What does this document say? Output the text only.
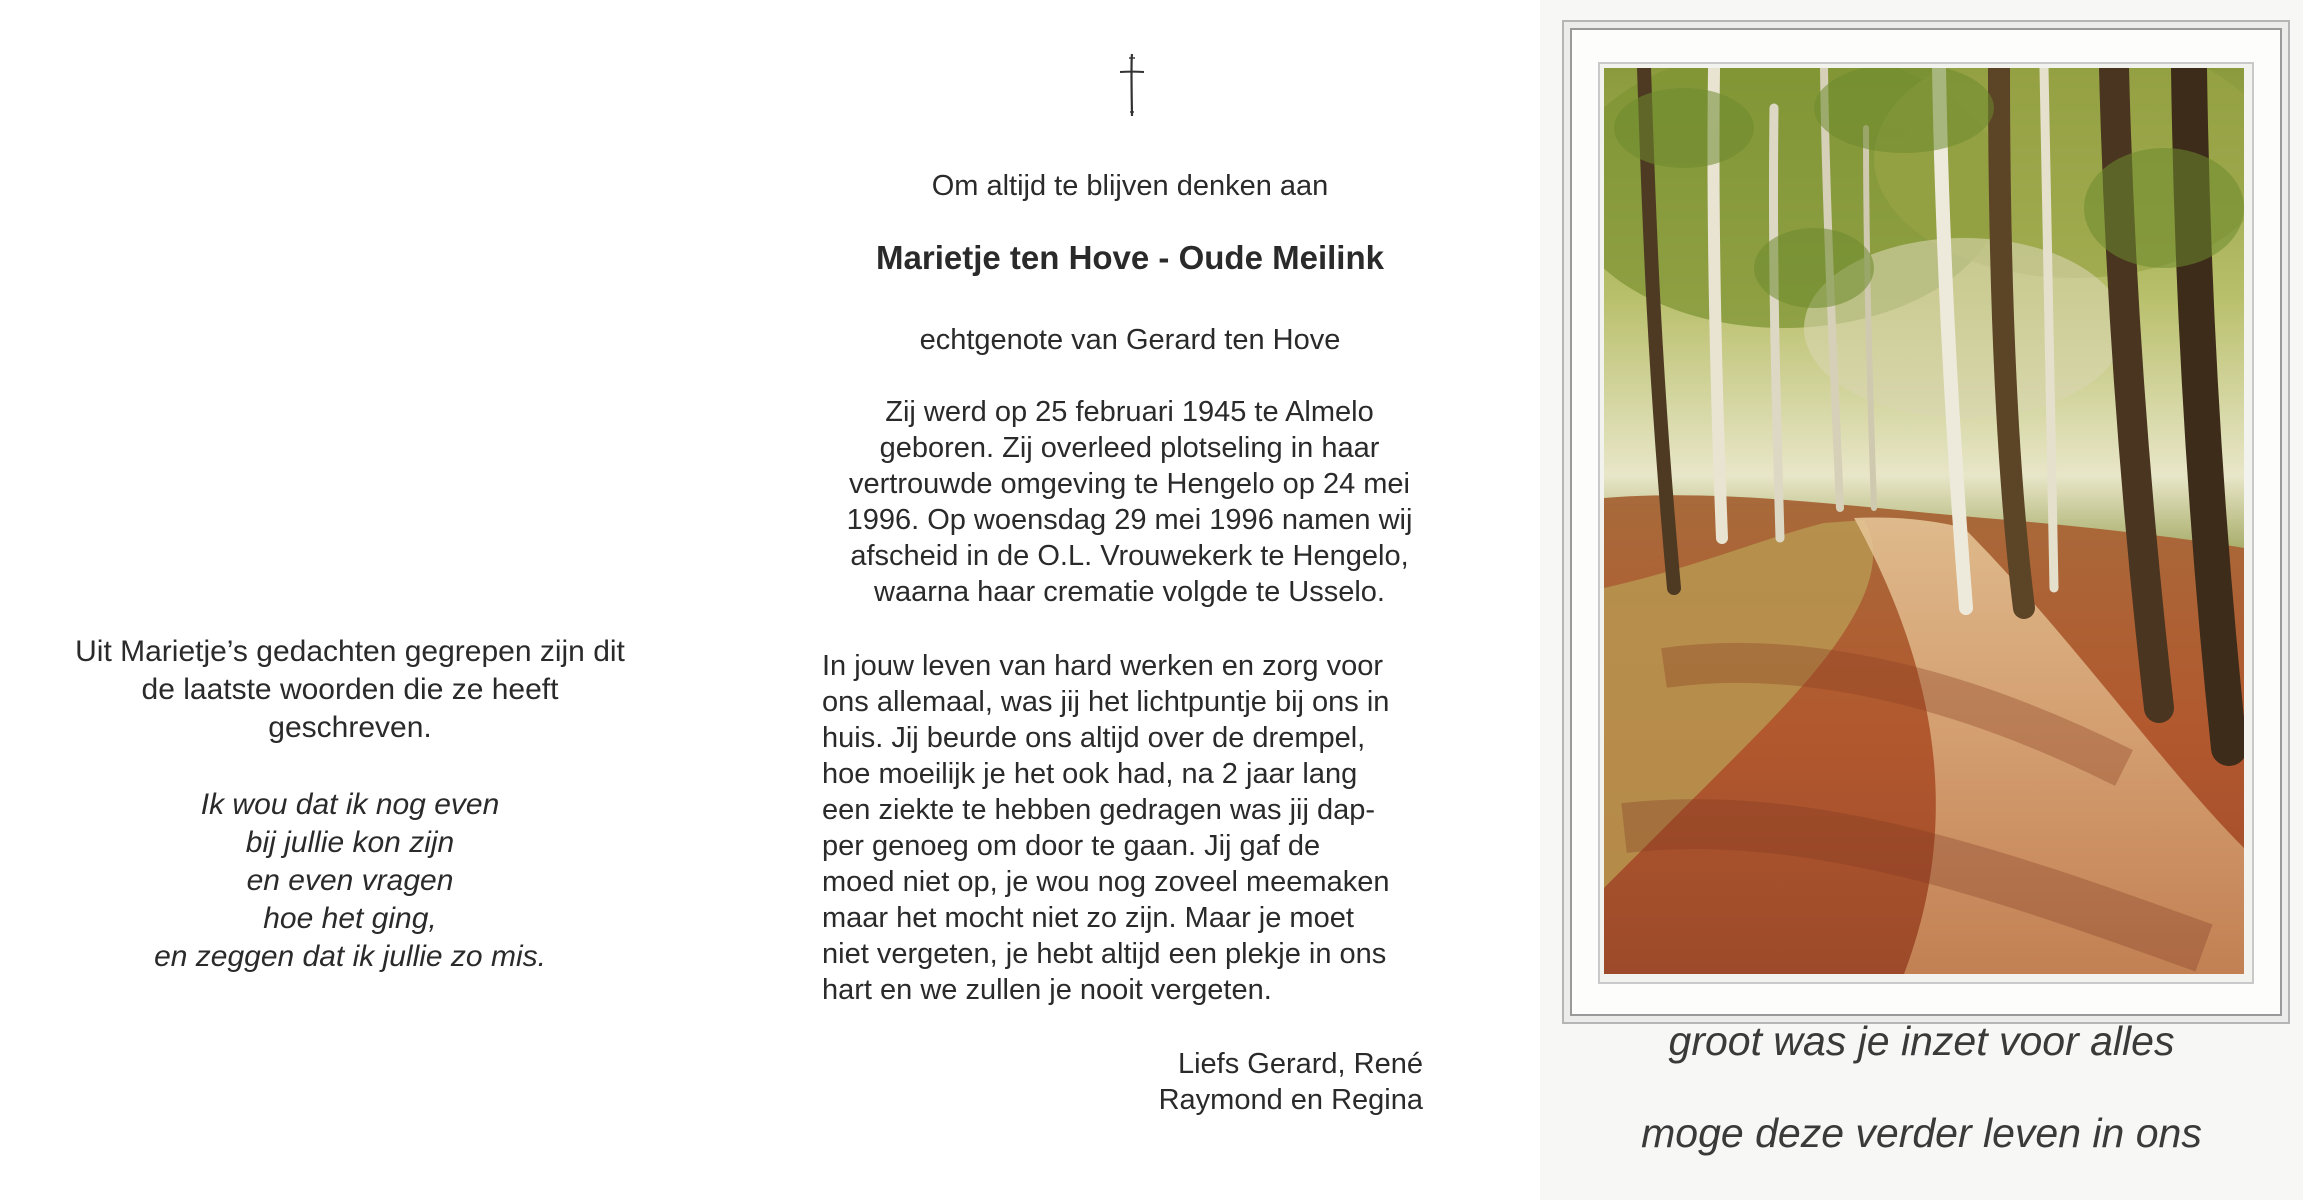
Uit Marietje’s gedachten gegrepen zijn dit
de laatste woorden die ze heeft
geschreven.
Ik wou dat ik nog even
bij jullie kon zijn
en even vragen
hoe het ging,
en zeggen dat ik jullie zo mis.
Om altijd te blijven denken aan
Marietje ten Hove - Oude Meilink
echtgenote van Gerard ten Hove
Zij werd op 25 februari 1945 te Almelo
geboren. Zij overleed plotseling in haar
vertrouwde omgeving te Hengelo op 24 mei
1996. Op woensdag 29 mei 1996 namen wij
afscheid in de O.L. Vrouwekerk te Hengelo,
waarna haar crematie volgde te Usselo.
In jouw leven van hard werken en zorg voor
ons allemaal, was jij het lichtpuntje bij ons in
huis. Jij beurde ons altijd over de drempel,
hoe moeilijk je het ook had, na 2 jaar lang
een ziekte te hebben gedragen was jij dap-
per genoeg om door te gaan. Jij gaf de
moed niet op, je wou nog zoveel meemaken
maar het mocht niet zo zijn. Maar je moet
niet vergeten, je hebt altijd een plekje in ons
hart en we zullen je nooit vergeten.
Liefs Gerard, René
Raymond en Regina
groot was je inzet voor alles
moge deze verder leven in ons
